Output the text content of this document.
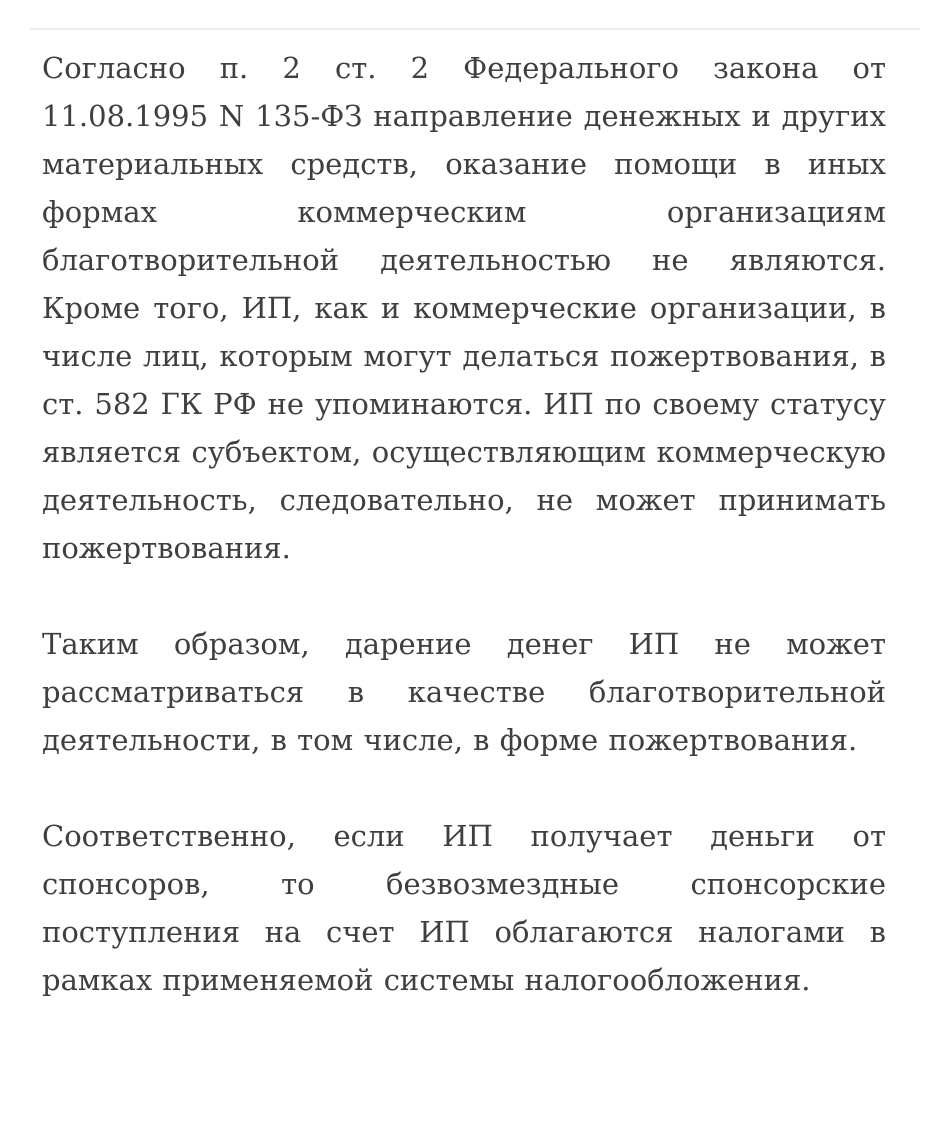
Согласно п. 2 ст. 2 Федерального закона от 11.08.1995 N 135-ФЗ направление денежных и других материальных средств, оказание помощи в иных формах коммерческим организациям благотворительной деятельностью не являются. Кроме того, ИП, как и коммерческие организации, в числе лиц, которым могут делаться пожертвования, в ст. 582 ГК РФ не упоминаются. ИП по своему статусу является субъектом, осуществляющим коммерческую деятельность, следовательно, не может принимать пожертвования.

Таким образом, дарение денег ИП не может рассматриваться в качестве благотворительной деятельности, в том числе, в форме пожертвования.

Соответственно, если ИП получает деньги от спонсоров, то безвозмездные спонсорские поступления на счет ИП облагаются налогами в рамках применяемой системы налогообложения.
